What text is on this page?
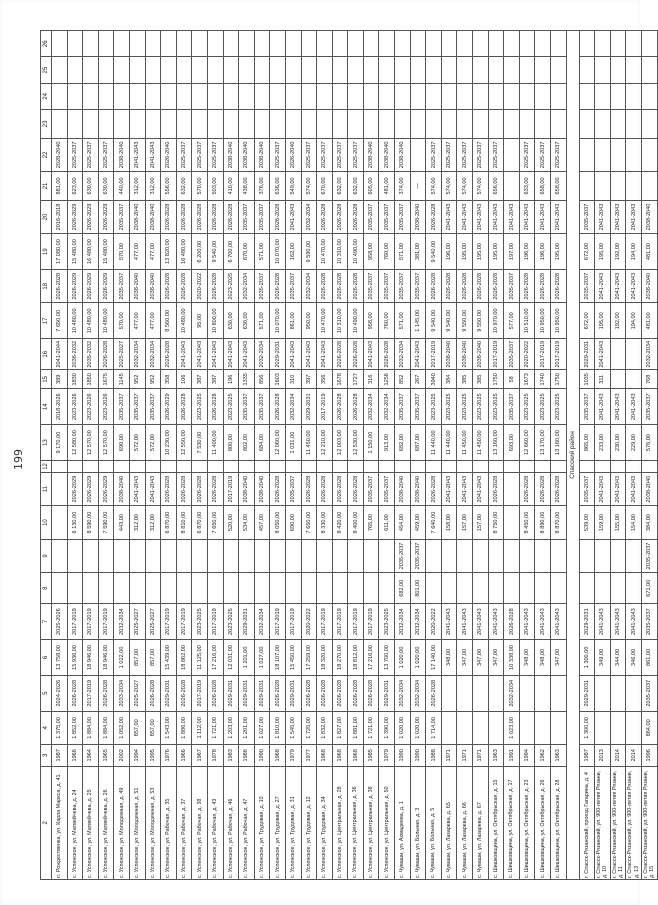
199
2	3	4	5	6	7	8	9	10	11	12	13	14	15	16	17	18	19	20	21	22	23	24	25	26
п. Рождественка, ул. Карла Маркса, д. 41	1987	1 375,00	2024-2026	13 758,00	2025-2026						9 170,00	2018-2026	389	2041-2044	7 650,00	2026-2028	17 080,00	2016-2018	881,00	2028-2040				
с. Успенское, ул. Матвейчева, д. 24	1966	1 852,00	2026-2028	15 936,00	2017-2019			6 130,00	2026-2029		12 580,00	2023-2026	1830	2036-2032	10 480,00	2026-2029	15 480,00	2026-2029	623,00	2025-2037				
с. Успенское, ул. Матвейчева, д. 25	1964	1 884,00	2017-2019	18 946,00	2017-2019			8 590,00	2026-2029		12 570,00	2023-2026	1850	2035-2032	10 480,00	2026-2029	16 480,00	2026-2029	630,00	2025-2037				
с. Успенское, ул. Матвейчева, д. 26	1965	1 884,00	2026-2028	18 946,00	2017-2019			7 590,00	2026-2029		12 570,00	2023-2026	1675	2026-2028	10 480,00	2026-2029	15 480,00	2026-2029	630,00	2025-2037				
с. Успенское, ул. Молодежная, д. 49	2002	1 052,00	2033-2034	1 022,00	2032-2034			443,00	2038-2040		690,00	2035-2037	1145	2025-2027	570,00	2035-2037	570,00	2035-2037	440,00	2038-2040				
с. Успенское, ул. Молодежная, д. 51	1994	857,00	2025-2027	857,00	2025-2027			312,00	2041-2043		572,00	2035-2037	952	2032-2034	477,00	2038-2040	477,00	2038-2040	312,00	2041-2043				
с. Успенское, ул. Молодежная, д. 53	1995	857,00	2026-2028	857,00	2025-2027			312,00	2041-2043		572,00	2035-2037	952	2032-2034	477,00	2038-2040	477,00	2038-2040	312,00	2041-2043				
с. Успенское, ул. Рабочая, д. 35	1976	1 543,00	2029-2031	15 439,00	2017-2019			6 870,00	2026-2028		10 230,00	2026-2029	358	2026-2028	8 560,00	2026-2028	13 820,00	2026-2028	556,00	2026-2040				
с. Успенское, ул. Рабочая, д. 37	1966	1 886,00	2026-2028	18 862,00	2017-2019			8 810,00	2026-2028		12 550,00	2026-2028	106	2041-2043	10 480,00	2026-2028	16 480,00	2026-2028	632,00	2025-2037				
с. Успенское, ул. Рабочая, д. 38	1967	1 112,00	2017-2019	11 125,00	2023-2025			6 870,00	2026-2028		7 530,00	2023-2025	387	2041-2043	95,00	2020-2022	6 200,00	2026-2028	570,00	2025-2037				
с. Успенское, ул. Рабочая, д. 43	1978	1 721,00	2026-2028	17 216,00	2017-2019			7 650,00	2026-2028		11 400,00	2026-2028	387	2041-2043	10 800,00	2026-2028	9 540,00	2026-2028	503,00	2025-2037				
с. Успенское, ул. Рабочая, д. 46	1983	1 203,00	2029-2031	12 031,00	2023-2025			520,00	2017-2019		800,00	2023-2025	196	2041-2043	630,00	2023-2025	6 700,00	2026-2028	410,00	2038-2040				
с. Успенское, ул. Рабочая, д. 47	1986	1 201,00	2029-2031	1 201,00	2029-2031			534,00	2038-2040		802,00	2035-2037	1335	2041-2043	630,00	2032-2034	670,00	2035-2037	438,00	2038-2040				
с. Успенское, ул. Трудовая, д. 10	1990	1 027,00	2029-2031	1 027,00	2032-2034			457,00	2038-2040		684,00	2035-2037	856	2032-2034	571,00	2035-2037	571,00	2035-2037	376,00	2038-2040				
с. Успенское, ул. Трудовая, д. 27	1968	1 810,00	2026-2028	18 107,00	2017-2019			8 050,00	2026-2028		12 060,00	2026-2028	1603	2029-2031	10 070,00	2026-2028	10 070,00	2026-2028	636,00	2025-2037				
с. Успенское, ул. Трудовая, д. 31	1979	1 545,00	2029-2031	15 450,00	2017-2019			690,00	2035-2037		1 031,00	2032-2034	310	2041-2043	861,00	2035-2037	162,00	2041-2043	549,00	2026-2040				
с. Успенское, ул. Трудовая, д. 12	1977	1 725,00	2026-2028	17 259,00	2020-2022			7 650,00	2026-2028		11 450,00	2029-2031	397	2041-2043	950,00	2032-2034	9 590,00	2032-2034	574,00	2025-2037				
с. Успенское, ул. Трудовая, д. 34	1968	1 832,00	2026-2028	18 320,00	2017-2019			8 330,00	2026-2028		12 210,00	2017-2019	356	2041-2043	10 470,00	2026-2028	10 470,00	2026-2028	670,00	2025-2037				
с. Успенское, ул. Центральная, д. 28	1968	1 827,00	2026-2028	18 270,00	2017-2019			8 420,00	2026-2028		12 003,00	2026-2028	1678	2026-2028	10 310,00	2026-2028	10 310,00	2026-2028	632,00	2025-2037				
с. Успенское, ул. Центральная, д. 36	1968	1 881,00	2026-2028	18 812,00	2017-2019			8 400,00	2026-2028		12 530,00	2026-2028	1727	2026-2028	10 490,00	2026-2028	10 490,00	2026-2028	632,00	2025-2037				
с. Успенское, ул. Центральная, д. 38	1985	1 721,00	2026-2028	17 216,00	2017-2019			765,00	2035-2037		1 150,00	2032-2034	316	2041-2043	958,00	2035-2037	958,00	2035-2037	605,00	2038-2040				
с. Успенское, ул. Центральная, д. 50	1979	1 390,00	2029-2031	13 700,00	2023-2025			611,00	2035-2037		913,00	2032-2034	1256	2026-2028	760,00	2035-2037	760,00	2035-2037	481,00	2038-2040				
с. Чуваши, ул. Ахмадеева, д. 1	1990	1 020,00	2032-2034	1 020,00	2032-2034	682,00	2035-2037	454,00	2038-2040		682,00	2035-2037	852	2032-2034	571,00	2035-2037	571,00	2035-2037	374,00	2038-2040				
с. Чуваши, ул. Больная, д. 3	1990	1 020,00	2032-2034	1 020,00	2032-2034	801,00	2035-2037	459,00	2038-2040		687,00	2035-2037	267	2041-2043	1 145,00	2035-2037	381,00	2038-2040	—					
с. Чуваши, ул. Больная, д. 5	1988	1 714,00	2026-2028	17 140,00	2020-2022			7 640,00	2026-2028		11 440,00	2023-2025	3940	2017-2019	9 540,00	2026-2028	9 540,00	2026-2028	574,00	2025-2037				
с. Чуваши, ул. Лазарева, д. 65	1971			348,00	2041-2043			158,00	2041-2043		11 440,00	2023-2025	384	2038-2040	9 540,00	2026-2028	196,00	2041-2043	574,00	2025-2037				
с. Чуваши, ул. Лазарева, д. 66	1971			347,00	2041-2043			157,00	2041-2043		11 450,00	2023-2025	385	2038-2040	9 550,00	2026-2028	195,00	2041-2043	574,00	2025-2037				
с. Чуваши, ул. Лазарева, д. 67	1971			347,00	2041-2043			157,00	2041-2043		11 450,00	2023-2025	385	2038-2040	9 550,00	2026-2028	195,00	2041-2043	574,00	2025-2037				
с. Шишковщина, ул. Октябрьская, д. 15	1963			347,00	2041-2043			8 750,00	2026-2028		13 160,00	2023-2025	1750	2017-2019	10 970,00	2026-2028	195,00	2041-2043	656,00	2025-2037				
с. Шишковщина, ул. Октябрьская, д. 17	1991	1 023,00	2032-2034	10 338,00	2026-2028						693,00	2035-2037	58	2035-2037	577,00	2035-2037	197,00	2041-2043						
с. Шишковщина, ул. Октябрьская, д. 23	1994			348,00	2041-2043			8 450,00	2026-2028		12 660,00	2023-2025	1673	2020-2022	10 510,00	2026-2028	196,00	2041-2043	633,00	2025-2037				
с. Шишковщина, ул. Октябрьская, д. 26	1962			348,00	2041-2043			8 890,00	2026-2028		13 170,00	2023-2025	1740	2017-2019	10 950,00	2026-2028	196,00	2041-2043	658,00	2025-2037				
с. Шишковщина, ул. Октябрьская, д. 28	1963			347,00	2041-2043			8 870,00	2026-2028		13 160,00	2023-2025	1750	2017-2019	10 950,00	2026-2028	195,00	2041-2043	658,00	2025-2037				
Спасский район																								
г. Спасск-Рязанский, проезд Гагарина, д. 4	1987	1 300,00	2029-2031	1 300,00	2029-2031			539,00	2035-2037		865,00	2035-2037	1035	2029-2031	672,00	2035-2037	672,00	2035-2037						
г. Спасск-Рязанский, ул. 900-летия Рязани, д. 10	2013			349,00	2041-2043			159,00	2041-2043		233,00	2041-2043	311	2041-2043	195,00	2041-2043	195,00	2041-2043						
г. Спасск-Рязанский, ул. 900-летия Рязани, д. 11	2014			344,00	2041-2043			155,00	2041-2043		230,00	2041-2043			192,00	2041-2043	192,00	2041-2043						
г. Спасск-Рязанский, ул. 900-летия Рязани, д. 13	2014			346,00	2041-2043			154,00	2041-2043		229,00	2041-2043			194,00	2041-2043	194,00	2041-2043						
г. Спасск-Рязанский, ул. 900-летия Рязани, д. 15	1996	864,00	2035-2037	861,00	2035-2037	671,00	2035-2037	384,00	2038-2040		576,00	2035-2037	768	2032-2034	481,00	2038-2040	481,00	2038-2040						
